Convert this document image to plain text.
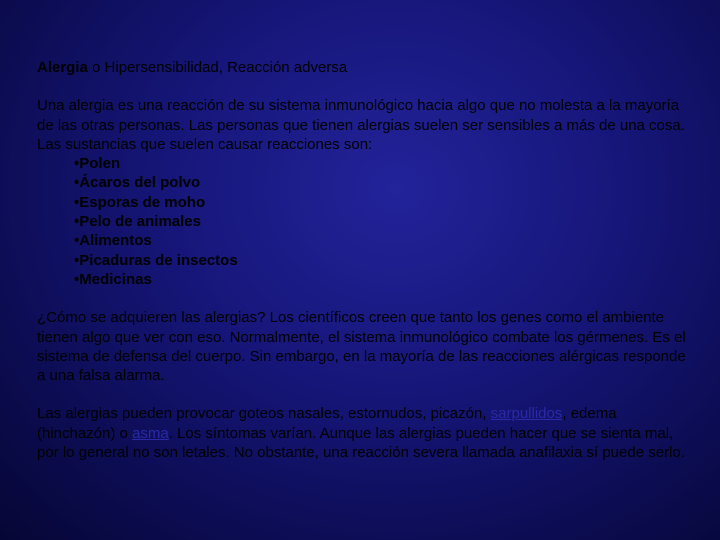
Alergia o Hipersensibilidad, Reacción adversa

Una alergia es una reacción de su sistema inmunológico hacia algo que no molesta a la mayoría de las otras personas. Las personas que tienen alergias suelen ser sensibles a más de una cosa. Las sustancias que suelen causar reacciones son:

• Polen
• Ácaros del polvo
• Esporas de moho
• Pelo de animales
• Alimentos
• Picaduras de insectos
• Medicinas

¿Cómo se adquieren las alergias? Los científicos creen que tanto los genes como el ambiente tienen algo que ver con eso. Normalmente, el sistema inmunológico combate los gérmenes. Es el sistema de defensa del cuerpo. Sin embargo, en la mayoría de las reacciones alérgicas responde a una falsa alarma.

Las alergias pueden provocar goteos nasales, estornudos, picazón, sarpullidos, edema (hinchazón) o asma. Los síntomas varían. Aunque las alergias pueden hacer que se sienta mal, por lo general no son letales. No obstante, una reacción severa llamada anafilaxia sí puede serlo.
